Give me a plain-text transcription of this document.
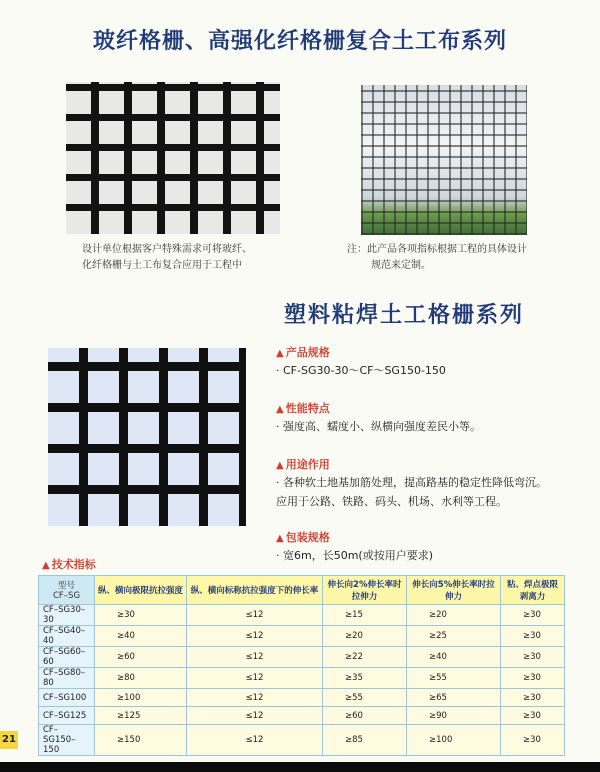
玻纤格栅、高强化纤格栅复合土工布系列
设计单位根据客户特殊需求可将玻纤、
化纤格栅与土工布复合应用于工程中
注：此产品各项指标根据工程的具体设计
规范来定制。
塑料粘焊土工格栅系列
▲ 产品规格
· CF-SG30-30～CF～SG150-150
▲ 性能特点
· 强度高、蠕度小、纵横向强度差民小等。
▲ 用途作用
· 各种软土地基加筋处理，提高路基的稳定性降低弯沉。
应用于公路、铁路、码头、机场、水利等工程。
▲ 包装规格
· 宽6m，长50m(或按用户要求)
▲ 技术指标
型号
CF–SG	纵、横向极限抗拉强度	纵、横向标称抗拉强度下的伸长率	伸长向2%伸长率时拉伸力	伸长向5%伸长率时拉伸力	粘、焊点极限剥离力
CF–SG30–30	≥30	≤12	≥15	≥20	≥30
CF–SG40–40	≥40	≤12	≥20	≥25	≥30
CF–SG60–60	≥60	≤12	≥22	≥40	≥30
CF–SG80–80	≥80	≤12	≥35	≥55	≥30
CF–SG100	≥100	≤12	≥55	≥65	≥30
CF–SG125	≥125	≤12	≥60	≥90	≥30
CF–SG150–150	≥150	≤12	≥85	≥100	≥30
21
